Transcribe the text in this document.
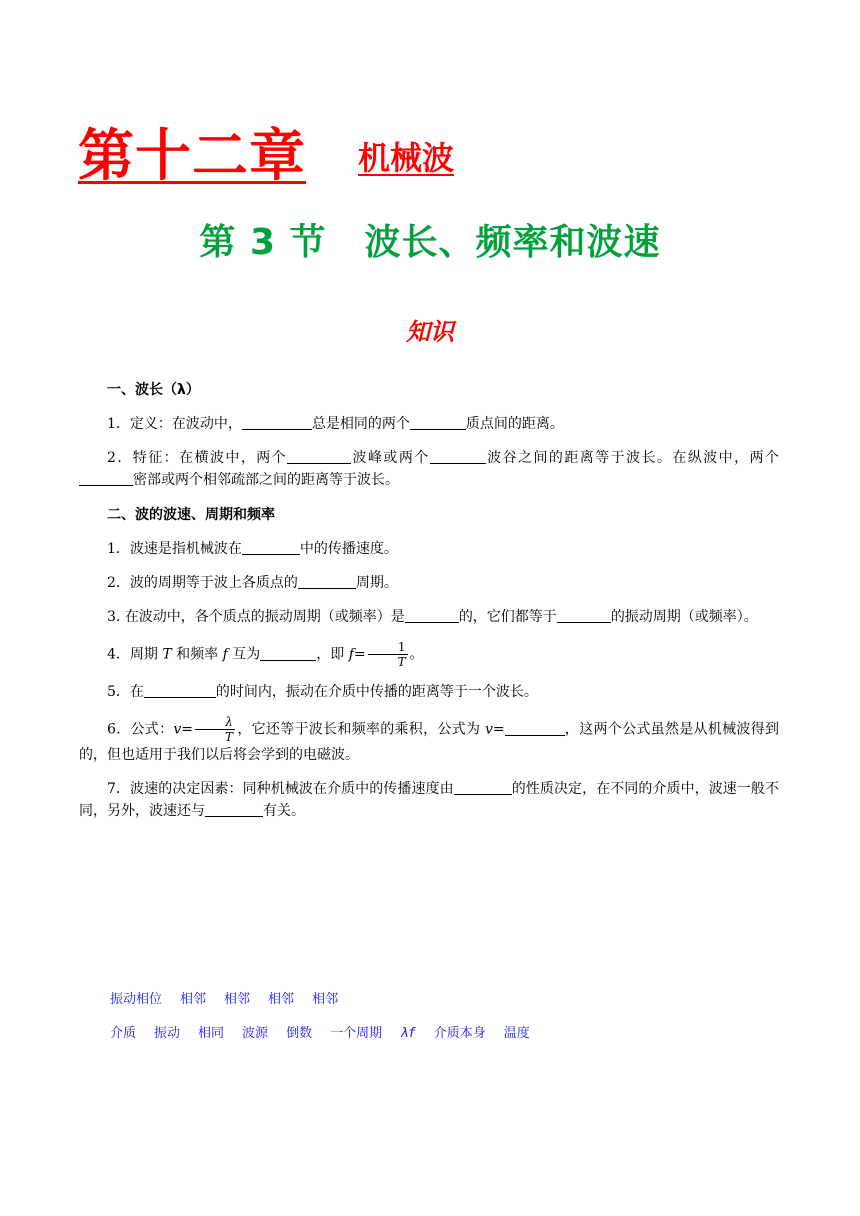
第十二章 机械波
第 3 节 波长、频率和波速
知识
一、波长（λ）

1．定义：在波动中，	总是相同的两个	质点间的距离。

2．特征：在横波中，两个	波峰或两个	波谷之间的距离等于波长。在纵波中，两个密部或两个相邻疏部之间的距离等于波长。

二、波的波速、周期和频率

1．波速是指机械波在	中的传播速度。

2．波的周期等于波上各质点的	周期。

3. 在波动中，各个质点的振动周期（或频率）是	的，它们都等于	的振动周期（或频率）。

4．周期 T 和频率 f 互为	，即 $f= \frac{1}{T}$ 。

5．在	的时间内，振动在介质中传播的距离等于一个波长。

6．公式：$v= \frac{\lambda}{T}$ ，它还等于波长和频率的乘积，公式为 v=	，这两个公式虽然是从机械波得到的，但也适用于我们以后将会学到的电磁波。

7．波速的决定因素：同种机械波在介质中的传播速度由	的性质决定，在不同的介质中，波速一般不同，另外，波速还与	有关。

振动相位 相邻 相邻 相邻 相邻
介质 振动 相同 波源 倒数 一个周期 λf 介质本身 温度
